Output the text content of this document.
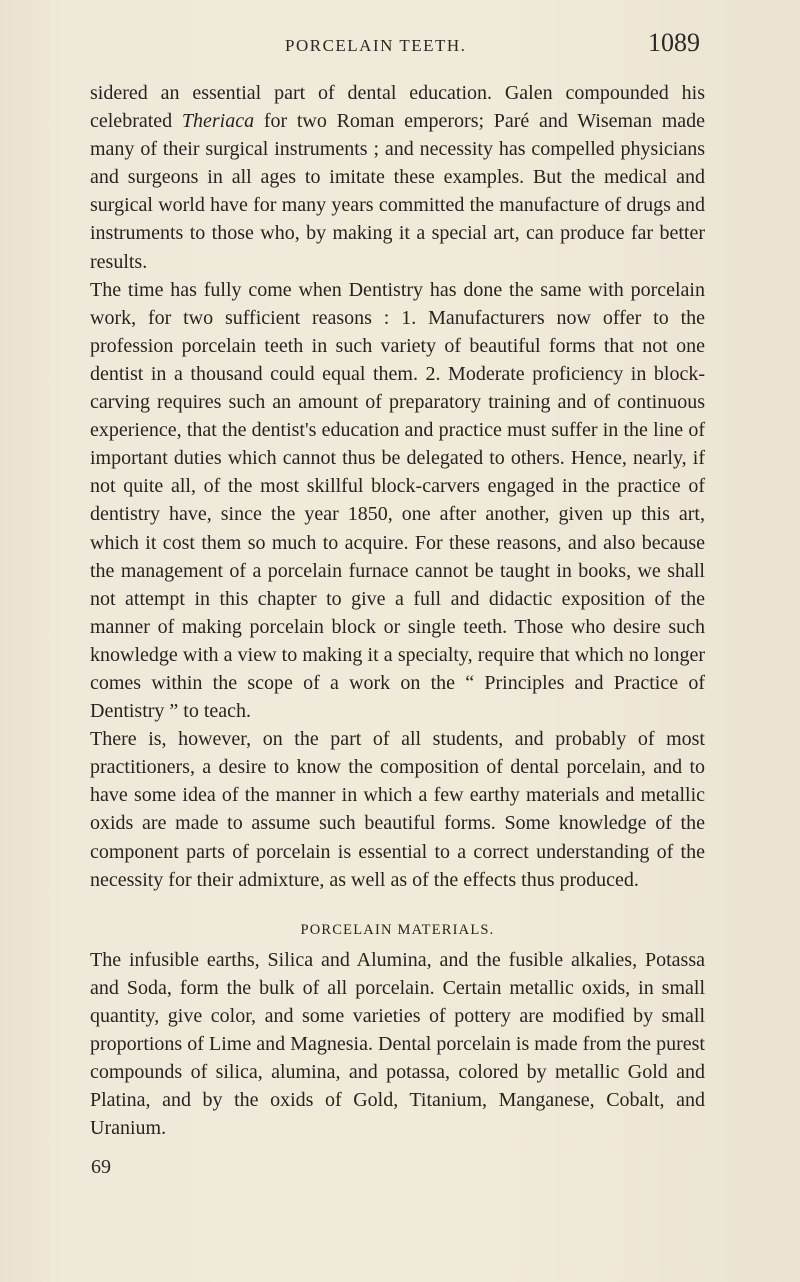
PORCELAIN TEETH.	1089

sidered an essential part of dental education. Galen compounded his celebrated Theriaca for two Roman emperors; Paré and Wiseman made many of their surgical instruments ; and necessity has compelled physicians and surgeons in all ages to imitate these examples. But the medical and surgical world have for many years committed the manufacture of drugs and instruments to those who, by making it a special art, can produce far better results.

The time has fully come when Dentistry has done the same with porcelain work, for two sufficient reasons : 1. Manufacturers now offer to the profession porcelain teeth in such variety of beautiful forms that not one dentist in a thousand could equal them. 2. Moderate proficiency in block-carving requires such an amount of preparatory training and of continuous experience, that the dentist's education and practice must suffer in the line of important duties which cannot thus be delegated to others. Hence, nearly, if not quite all, of the most skillful block-carvers engaged in the practice of dentistry have, since the year 1850, one after another, given up this art, which it cost them so much to acquire. For these reasons, and also because the management of a porcelain furnace cannot be taught in books, we shall not attempt in this chapter to give a full and didactic exposition of the manner of making porcelain block or single teeth. Those who desire such knowledge with a view to making it a specialty, require that which no longer comes within the scope of a work on the “ Principles and Practice of Dentistry ” to teach.

There is, however, on the part of all students, and probably of most practitioners, a desire to know the composition of dental porcelain, and to have some idea of the manner in which a few earthy materials and metallic oxids are made to assume such beautiful forms. Some knowledge of the component parts of porcelain is essential to a correct understanding of the necessity for their admixture, as well as of the effects thus produced.

PORCELAIN MATERIALS.

The infusible earths, Silica and Alumina, and the fusible alkalies, Potassa and Soda, form the bulk of all porcelain. Certain metallic oxids, in small quantity, give color, and some varieties of pottery are modified by small proportions of Lime and Magnesia. Dental porcelain is made from the purest compounds of silica, alumina, and potassa, colored by metallic Gold and Platina, and by the oxids of Gold, Titanium, Manganese, Cobalt, and Uranium.

69
